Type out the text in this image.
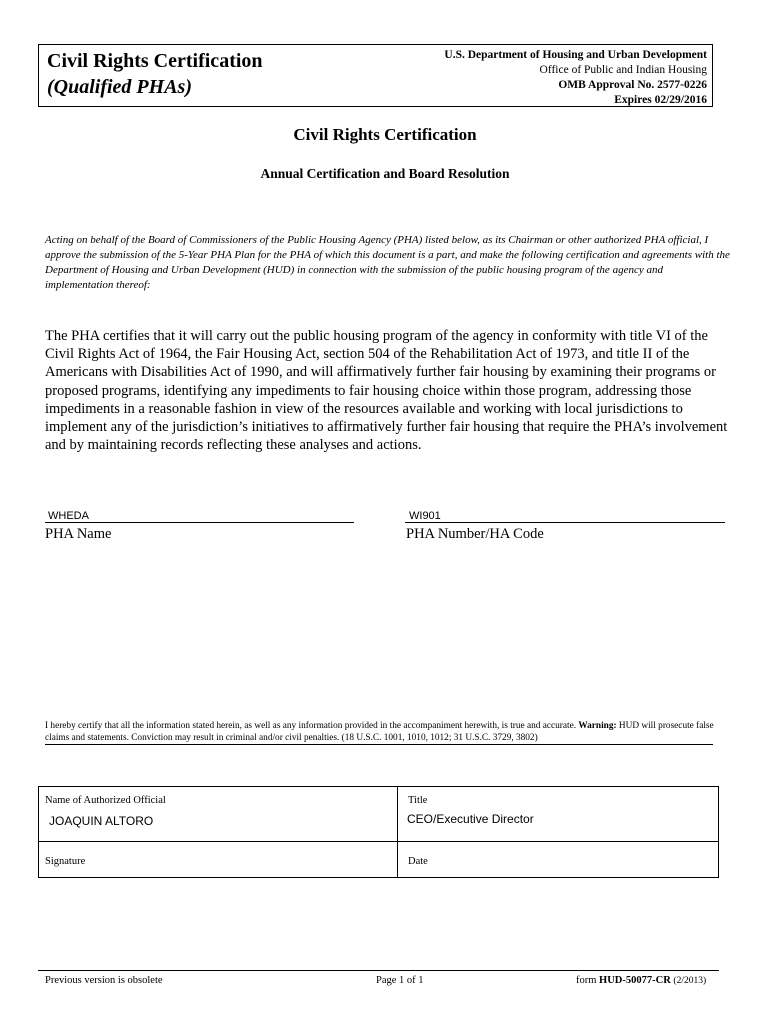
Civil Rights Certification
(Qualified PHAs)
U.S. Department of Housing and Urban Development
Office of Public and Indian Housing
OMB Approval No. 2577-0226
Expires 02/29/2016
Civil Rights Certification
Annual Certification and Board Resolution
Acting on behalf of the Board of Commissioners of the Public Housing Agency (PHA) listed below, as its Chairman or other authorized PHA official, I approve the submission of the 5-Year PHA Plan for the PHA of which this document is a part, and make the following certification and agreements with the Department of Housing and Urban Development (HUD) in connection with the submission of the public housing program of the agency and implementation thereof:
The PHA certifies that it will carry out the public housing program of the agency in conformity with title VI of the Civil Rights Act of 1964, the Fair Housing Act, section 504 of the Rehabilitation Act of 1973, and title II of the Americans with Disabilities Act of 1990, and will affirmatively further fair housing by examining their programs or proposed programs, identifying any impediments to fair housing choice within those program, addressing those impediments in a reasonable fashion in view of the resources available and working with local jurisdictions to implement any of the jurisdiction’s initiatives to affirmatively further fair housing that require the PHA’s involvement and by maintaining records reflecting these analyses and actions.
WHEDA
PHA Name
WI901
PHA Number/HA Code
I hereby certify that all the information stated herein, as well as any information provided in the accompaniment herewith, is true and accurate. Warning: HUD will prosecute false claims and statements. Conviction may result in criminal and/or civil penalties. (18 U.S.C. 1001, 1010, 1012; 31 U.S.C. 3729, 3802)
Name of Authorized Official
JOAQUIN ALTORO
Title
CEO/Executive Director
Signature	Date
Previous version is obsolete	Page 1 of 1	form HUD-50077-CR (2/2013)
